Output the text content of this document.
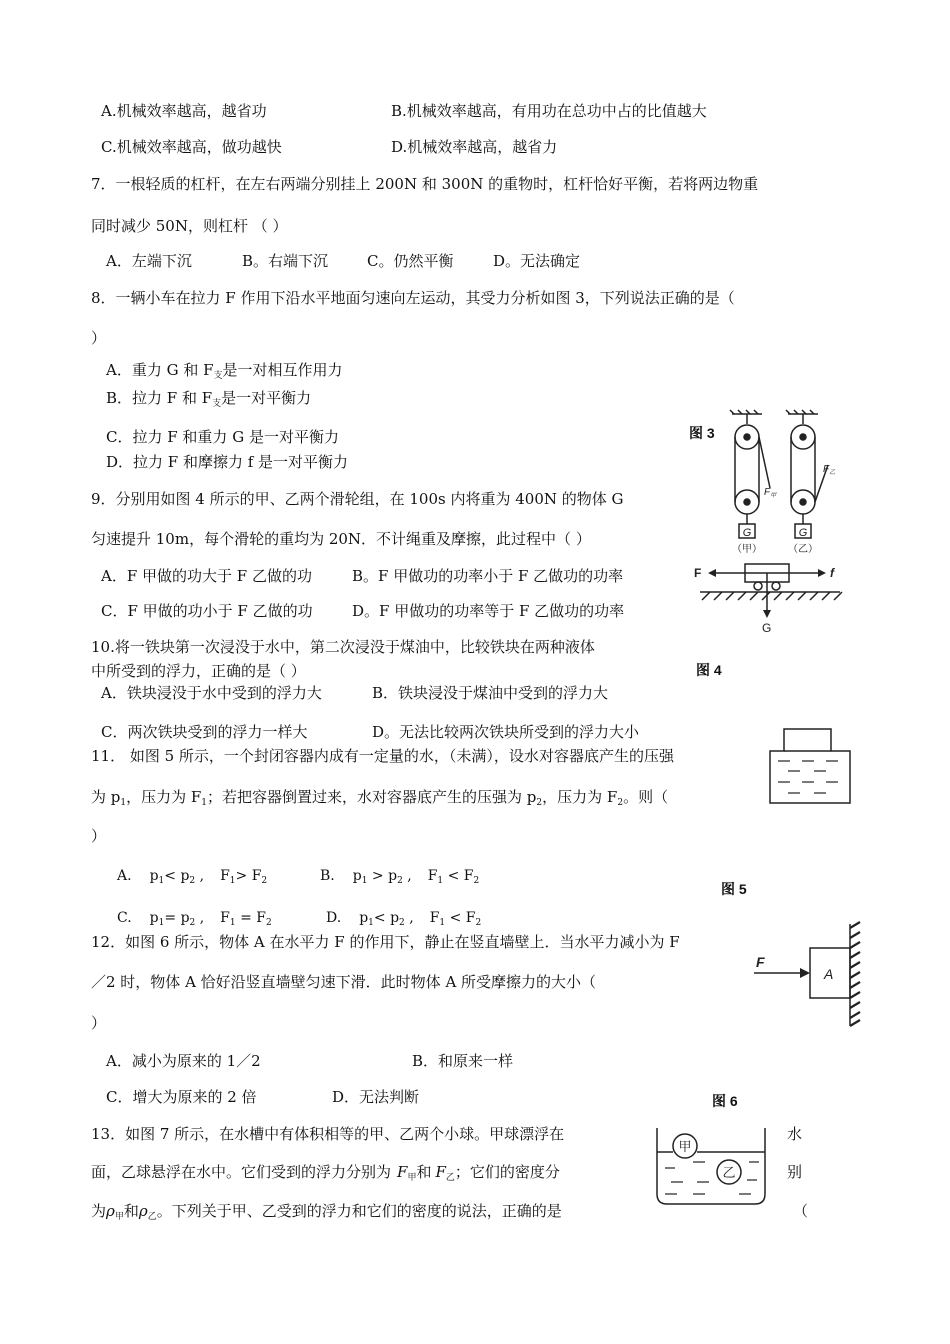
A.机械效率越高，越省功	B.机械效率越高，有用功在总功中占的比值越大
C.机械效率越高，做功越快	D.机械效率越高，越省力
7．一根轻质的杠杆，在左右两端分别挂上 200N 和 300N 的重物时，杠杆恰好平衡，若将两边物重
同时减少 50N，则杠杆 （ ）
A．左端下沉	B。右端下沉	C。仍然平衡	D。无法确定
8．一辆小车在拉力 F 作用下沿水平地面匀速向左运动，其受力分析如图 3，下列说法正确的是（
）
A．重力 G 和 $F_支$是一对相互作用力
B．拉力 F 和 $F_支$是一对平衡力
C．拉力 F 和重力 G 是一对平衡力
D．拉力 F 和摩擦力 f 是一对平衡力
9．分别用如图 4 所示的甲、乙两个滑轮组，在 100s 内将重为 400N 的物体 G
匀速提升 10m，每个滑轮的重均为 20N．不计绳重及摩擦，此过程中（ ）
A．F 甲做的功大于 F 乙做的功	B。F 甲做功的功率小于 F 乙做功的功率
C．F 甲做的功小于 F 乙做的功	D。F 甲做功的功率等于 F 乙做功的功率
10.将一铁块第一次浸没于水中，第二次浸没于煤油中，比较铁块在两种液体
中所受到的浮力，正确的是（ ）
A．铁块浸没于水中受到的浮力大	B．铁块浸没于煤油中受到的浮力大
C．两次铁块受到的浮力一样大	D。无法比较两次铁块所受到的浮力大小
11． 如图 5 所示，一个封闭容器内成有一定量的水，（未满），设水对容器底产生的压强
为 $p_1$，压力为 $F_1$；若把容器倒置过来，水对容器底产生的压强为 $p_2$，压力为 $F_2$。则（
）
A. $p_1< p_2$ , $F_1> F_2$	B. $p_1 > p_2$ , $F_1 < F_2$
C. $p_1= p_2$ , $F_1 = F_2$	D. $p_1< p_2$ , $F_1 < F_2$
12．如图 6 所示，物体 A 在水平力 F 的作用下，静止在竖直墙壁上．当水平力减小为 F
／2 时，物体 A 恰好沿竖直墙壁匀速下滑．此时物体 A 所受摩擦力的大小（
）
A．减小为原来的 1／2	B．和原来一样
C．增大为原来的 2 倍	D．无法判断
13．如图 7 所示，在水槽中有体积相等的甲、乙两个小球。甲球漂浮在	水
面，乙球悬浮在水中。它们受到的浮力分别为 $F_甲$和 $F_乙$；它们的密度分	别
为$\rho_甲$和$\rho_乙$。下列关于甲、乙受到的浮力和它们的密度的说法，正确的是	（
图 3
图 4
图 5
图 6
G
$F_甲$
（甲）
G
$F_乙$
（乙）
F	f
G
F
A
甲
乙
